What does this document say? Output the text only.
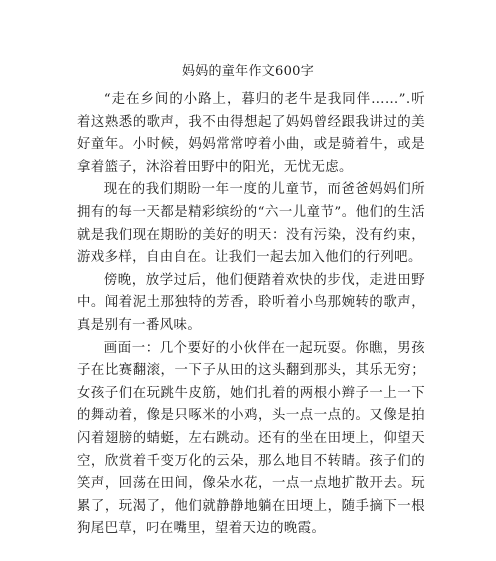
妈妈的童年作文600字

“走在乡间的小路上，暮归的老牛是我同伴……”.听着这熟悉的歌声，我不由得想起了妈妈曾经跟我讲过的美好童年。小时候，妈妈常常哼着小曲，或是骑着牛，或是拿着篮子，沐浴着田野中的阳光，无忧无虑。

现在的我们期盼一年一度的儿童节，而爸爸妈妈们所拥有的每一天都是精彩缤纷的“六一儿童节”。他们的生活就是我们现在期盼的美好的明天：没有污染，没有约束，游戏多样，自由自在。让我们一起去加入他们的行列吧。

傍晚，放学过后，他们便踏着欢快的步伐，走进田野中。闻着泥土那独特的芳香，聆听着小鸟那婉转的歌声，真是别有一番风味。

画面一：几个要好的小伙伴在一起玩耍。你瞧，男孩子在比赛翻滚，一下子从田的这头翻到那头，其乐无穷；女孩子们在玩跳牛皮筋，她们扎着的两根小辫子一上一下的舞动着，像是只啄米的小鸡，头一点一点的。又像是拍闪着翅膀的蜻蜓，左右跳动。还有的坐在田埂上，仰望天空，欣赏着千变万化的云朵，那么地目不转睛。孩子们的笑声，回荡在田间，像朵水花，一点一点地扩散开去。玩累了，玩渴了，他们就静静地躺在田埂上，随手摘下一根狗尾巴草，叼在嘴里，望着天边的晚霞。
